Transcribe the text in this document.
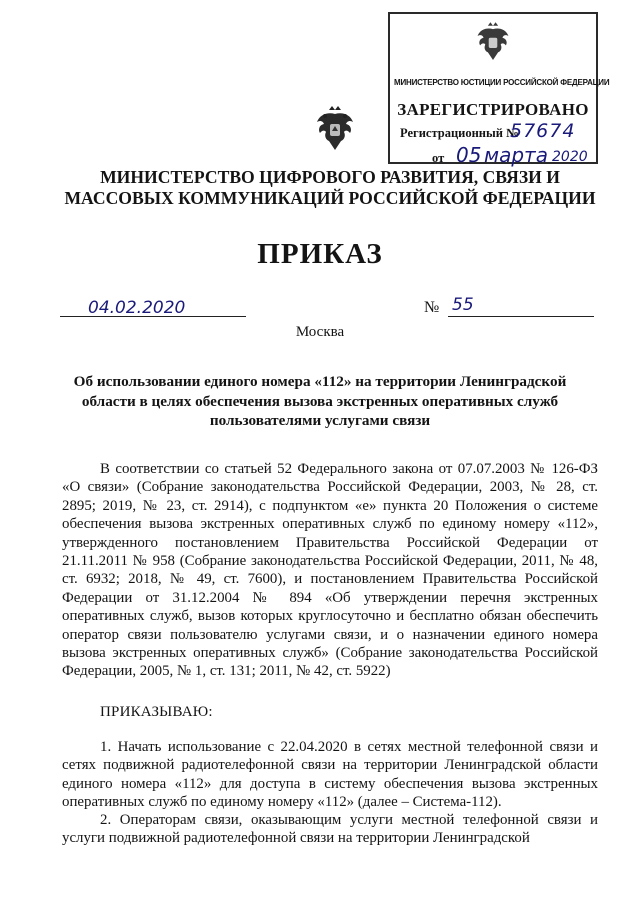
МИНИСТЕРСТВО ЮСТИЦИИ РОССИЙСКОЙ ФЕДЕРАЦИИ
ЗАРЕГИСТРИРОВАНО
Регистрационный №
57674
от 05 марта 2020
МИНИСТЕРСТВО ЦИФРОВОГО РАЗВИТИЯ, СВЯЗИ И МАССОВЫХ КОММУНИКАЦИЙ РОССИЙСКОЙ ФЕДЕРАЦИИ
ПРИКАЗ
04.02.2020	№ 55
Москва
Об использовании единого номера «112» на территории Ленинградской области в целях обеспечения вызова экстренных оперативных служб пользователями услугами связи
В соответствии со статьей 52 Федерального закона от 07.07.2003 № 126-ФЗ «О связи» (Собрание законодательства Российской Федерации, 2003, № 28, ст. 2895; 2019, № 23, ст. 2914), с подпунктом «е» пункта 20 Положения о системе обеспечения вызова экстренных оперативных служб по единому номеру «112», утвержденного постановлением Правительства Российской Федерации от 21.11.2011 № 958 (Собрание законодательства Российской Федерации, 2011, № 48, ст. 6932; 2018, № 49, ст. 7600), и постановлением Правительства Российской Федерации от 31.12.2004 № 894 «Об утверждении перечня экстренных оперативных служб, вызов которых круглосуточно и бесплатно обязан обеспечить оператор связи пользователю услугами связи, и о назначении единого номера вызова экстренных оперативных служб» (Собрание законодательства Российской Федерации, 2005, № 1, ст. 131; 2011, № 42, ст. 5922)
ПРИКАЗЫВАЮ:
1. Начать использование с 22.04.2020 в сетях местной телефонной связи и сетях подвижной радиотелефонной связи на территории Ленинградской области единого номера «112» для доступа в систему обеспечения вызова экстренных оперативных служб по единому номеру «112» (далее – Система-112).
2. Операторам связи, оказывающим услуги местной телефонной связи и услуги подвижной радиотелефонной связи на территории Ленинградской
